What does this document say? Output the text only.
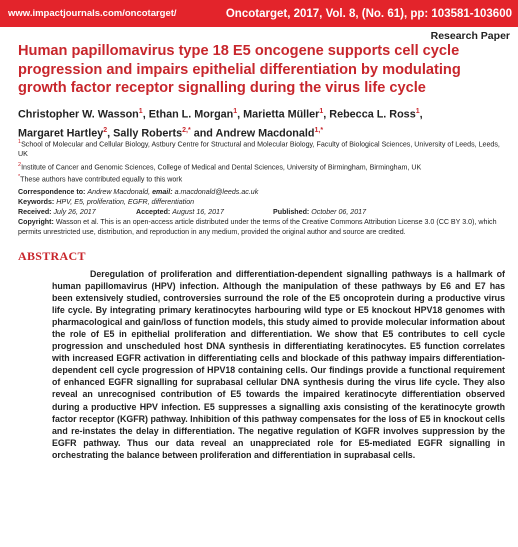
www.impactjournals.com/oncotarget/	Oncotarget, 2017, Vol. 8, (No. 61), pp: 103581-103600
Research Paper
Human papillomavirus type 18 E5 oncogene supports cell cycle progression and impairs epithelial differentiation by modulating growth factor receptor signalling during the virus life cycle
Christopher W. Wasson$^1$, Ethan L. Morgan$^1$, Marietta Müller$^1$, Rebecca L. Ross$^1$,
Margaret Hartley$^2$, Sally Roberts$^{2,*}$ and Andrew Macdonald$^{1,*}$
$^1$School of Molecular and Cellular Biology, Astbury Centre for Structural and Molecular Biology, Faculty of Biological Sciences, University of Leeds, Leeds, UK
$^2$Institute of Cancer and Genomic Sciences, College of Medical and Dental Sciences, University of Birmingham, Birmingham, UK
*These authors have contributed equally to this work
Correspondence to: Andrew Macdonald, email: a.macdonald@leeds.ac.uk
Keywords: HPV, E5, proliferation, EGFR, differentiation
Received: July 26, 2017	Accepted: August 16, 2017	Published: October 06, 2017
Copyright: Wasson et al. This is an open-access article distributed under the terms of the Creative Commons Attribution License 3.0 (CC BY 3.0), which permits unrestricted use, distribution, and reproduction in any medium, provided the original author and source are credited.
ABSTRACT
Deregulation of proliferation and differentiation-dependent signalling pathways is a hallmark of human papillomavirus (HPV) infection. Although the manipulation of these pathways by E6 and E7 has been extensively studied, controversies surround the role of the E5 oncoprotein during a productive virus life cycle. By integrating primary keratinocytes harbouring wild type or E5 knockout HPV18 genomes with pharmacological and gain/loss of function models, this study aimed to provide molecular information about the role of E5 in epithelial proliferation and differentiation. We show that E5 contributes to cell cycle progression and unscheduled host DNA synthesis in differentiating keratinocytes. E5 function correlates with increased EGFR activation in differentiating cells and blockade of this pathway impairs differentiation-dependent cell cycle progression of HPV18 containing cells. Our findings provide a functional requirement of enhanced EGFR signalling for suprabasal cellular DNA synthesis during the virus life cycle. They also reveal an unrecognised contribution of E5 towards the impaired keratinocyte differentiation observed during a productive HPV infection. E5 suppresses a signalling axis consisting of the keratinocyte growth factor receptor (KGFR) pathway. Inhibition of this pathway compensates for the loss of E5 in knockout cells and re-instates the delay in differentiation. The negative regulation of KGFR involves suppression by the EGFR pathway. Thus our data reveal an unappreciated role for E5-mediated EGFR signalling in orchestrating the balance between proliferation and differentiation in suprabasal cells.
